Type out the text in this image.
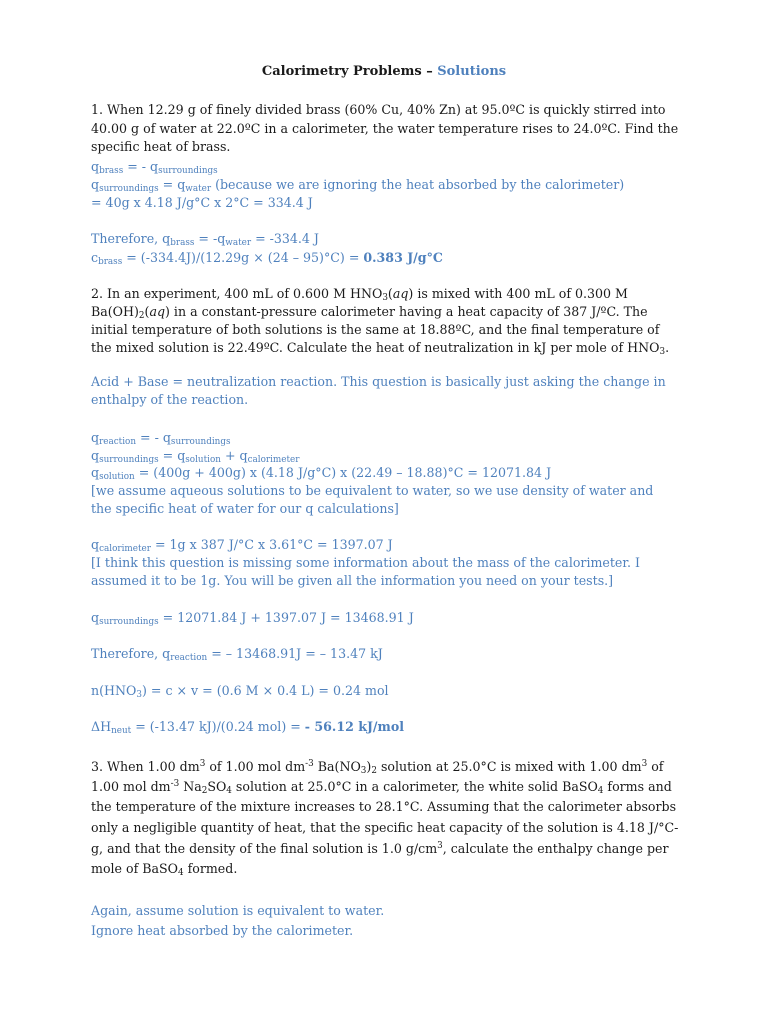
Calorimetry Problems – Solutions
1. When 12.29 g of finely divided brass (60% Cu, 40% Zn) at 95.0ºC is quickly stirred into
40.00 g of water at 22.0ºC in a calorimeter, the water temperature rises to 24.0ºC. Find the
specific heat of brass.
$q_{brass}$ = - $q_{surroundings}$
$q_{surroundings} = q_{water}$ (because we are ignoring the heat absorbed by the calorimeter)
= 40g x 4.18 J/g°C x 2°C = 334.4 J
Therefore, $q_{brass} = -q_{water} = -334.4$ J
$c_{brass} = (-334.4J)/(12.29g \times (24 - 95)^\circ C) = 0.383$ J/g°C
2. In an experiment, 400 mL of 0.600 M $HNO_3(aq)$ is mixed with 400 mL of 0.300 M
$Ba(OH)_2(aq)$ in a constant-pressure calorimeter having a heat capacity of 387 J/ºC. The
initial temperature of both solutions is the same at 18.88ºC, and the final temperature of
the mixed solution is 22.49ºC. Calculate the heat of neutralization in kJ per mole of $HNO_3$.
Acid + Base = neutralization reaction. This question is basically just asking the change in
enthalpy of the reaction.
$q_{reaction}$ = - $q_{surroundings}$
$q_{surroundings} = q_{solution} + q_{calorimeter}$
$q_{solution} = (400g + 400g)$ x (4.18 J/g°C) x (22.49 – 18.88)°C = 12071.84 J
[we assume aqueous solutions to be equivalent to water, so we use density of water and
the specific heat of water for our q calculations]
$q_{calorimeter} = 1g$ x 387 J/°C x 3.61°C = 1397.07 J
[I think this question is missing some information about the mass of the calorimeter. I
assumed it to be 1g. You will be given all the information you need on your tests.]
$q_{surroundings} = 12071.84$ J + 1397.07 J = 13468.91 J
Therefore, $q_{reaction}$ = – 13468.91J = – 13.47 kJ
$n(HNO_3) = c \times v = (0.6$ M × 0.4 L) = 0.24 mol
$\Delta H_{neut} = (-13.47$ kJ)/(0.24 mol) = - 56.12 kJ/mol
3. When 1.00 $dm^3$ of 1.00 mol $dm^{-3}$ $Ba(NO_3)_2$ solution at 25.0°C is mixed with 1.00 $dm^3$ of
1.00 mol $dm^{-3}$ $Na_2SO_4$ solution at 25.0°C in a calorimeter, the white solid BaSO$_4$ forms and
the temperature of the mixture increases to 28.1°C. Assuming that the calorimeter absorbs
only a negligible quantity of heat, that the specific heat capacity of the solution is 4.18 J/°C-
g, and that the density of the final solution is 1.0 $g/cm^3$, calculate the enthalpy change per
mole of BaSO$_4$ formed.
Again, assume solution is equivalent to water.
Ignore heat absorbed by the calorimeter.
